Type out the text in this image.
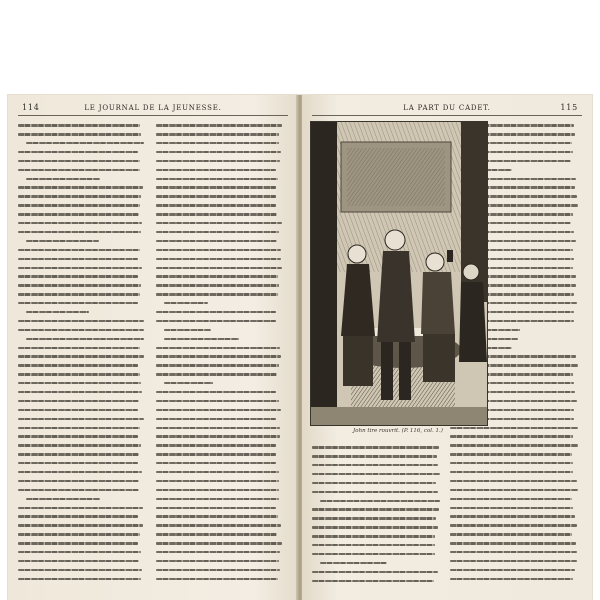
114	LE JOURNAL DE LA JEUNESSE.	115
LA PART DU CADET.
John tire rouvrit. (P. 116, col. 1.)
